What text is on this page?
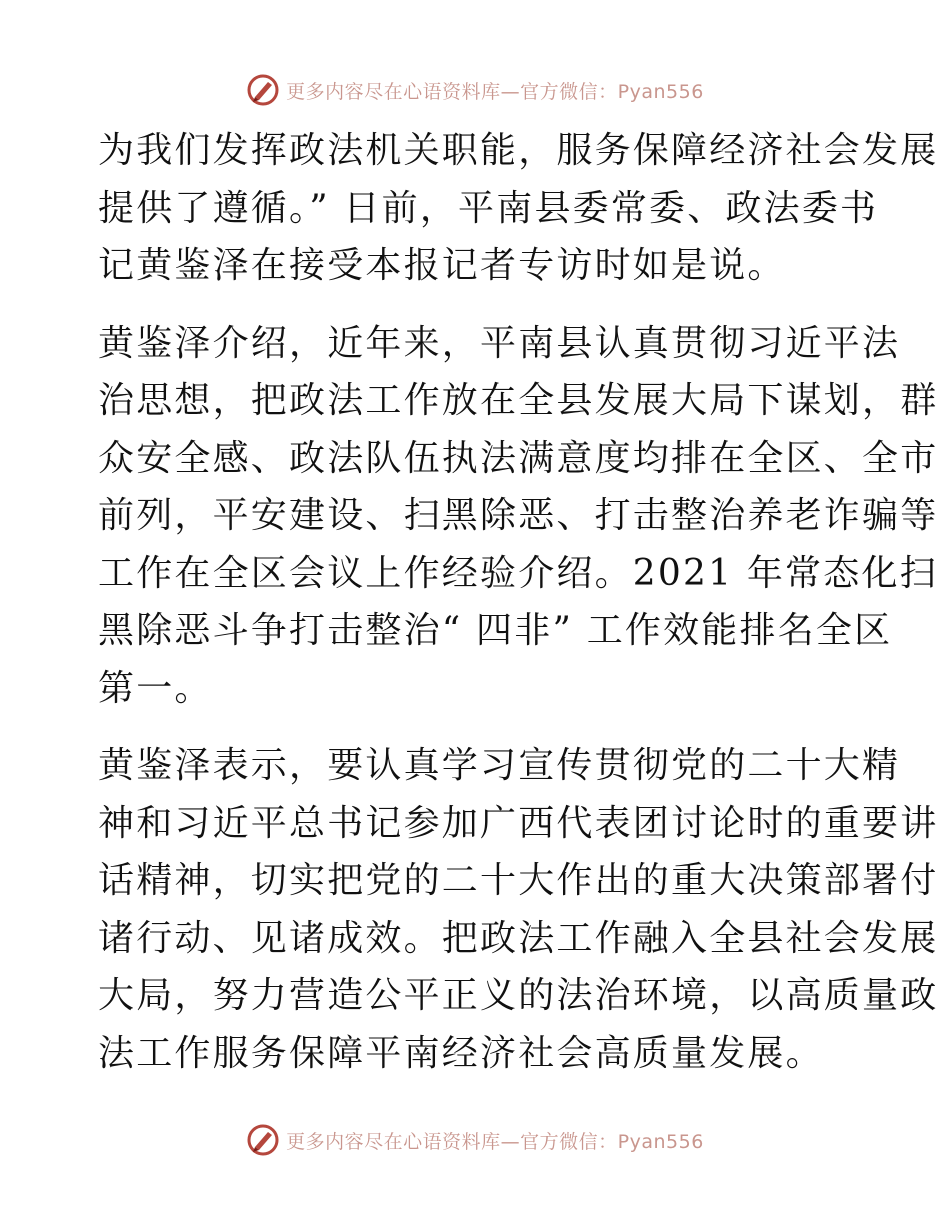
更多内容尽在心语资料库—官方微信：Pyan556

为我们发挥政法机关职能，服务保障经济社会发展
提供了遵循。” 日前，平南县委常委、政法委书
记黄鉴泽在接受本报记者专访时如是说。

黄鉴泽介绍，近年来，平南县认真贯彻习近平法
治思想，把政法工作放在全县发展大局下谋划，群
众安全感、政法队伍执法满意度均排在全区、全市
前列，平安建设、扫黑除恶、打击整治养老诈骗等
工作在全区会议上作经验介绍。2021 年常态化扫
黑除恶斗争打击整治“ 四非” 工作效能排名全区
第一。

黄鉴泽表示，要认真学习宣传贯彻党的二十大精
神和习近平总书记参加广西代表团讨论时的重要讲
话精神，切实把党的二十大作出的重大决策部署付
诸行动、见诸成效。把政法工作融入全县社会发展
大局，努力营造公平正义的法治环境，以高质量政
法工作服务保障平南经济社会高质量发展。

更多内容尽在心语资料库—官方微信：Pyan556
